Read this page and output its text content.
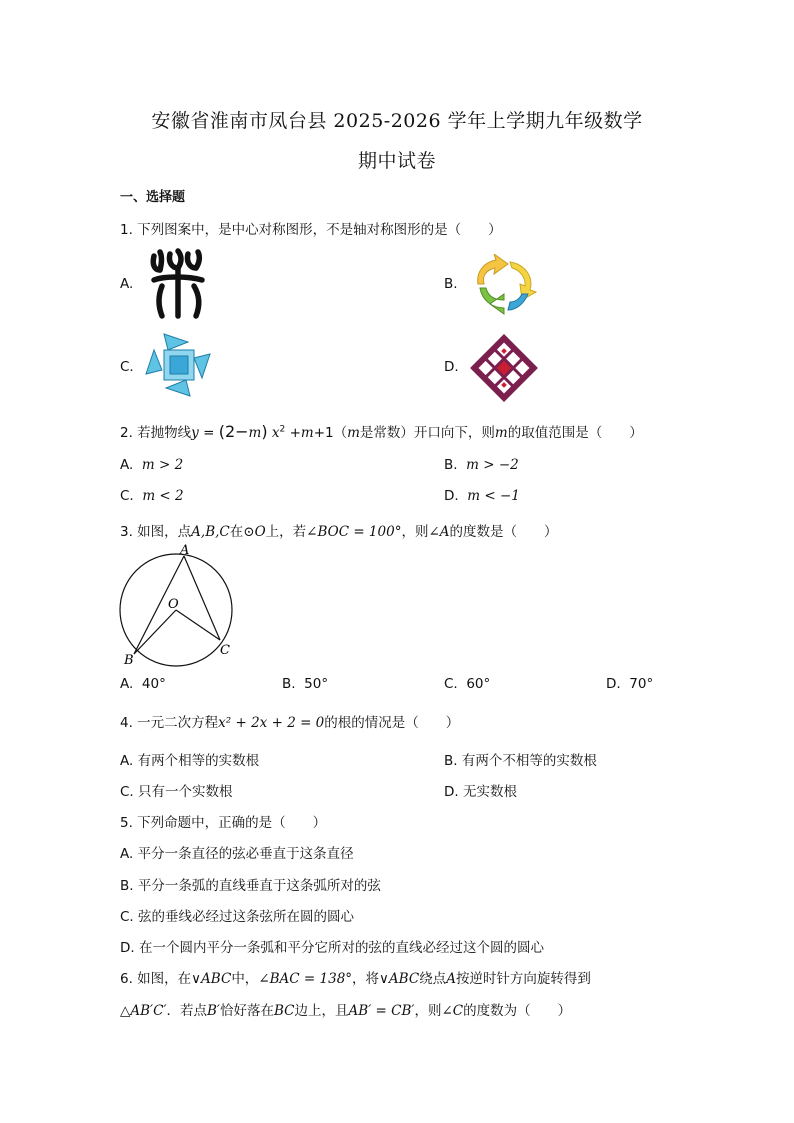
安徽省淮南市凤台县 2025-2026 学年上学期九年级数学
期中试卷
一、选择题
1. 下列图案中，是中心对称图形，不是轴对称图形的是（　　）
A.	B.
C.	D.
2. 若抛物线y = (2−m) $x^2 +m+1(m$是常数）开口向下，则m的取值范围是（　　）
A. m > 2	B. m > −2
C. m < 2	D. m < −1
3. 如图，点A,B,C在⊙O上，若∠BOC = 100°，则∠A的度数是（　　）
A
O
B
C
A. 40°	B. 50°	C. 60°	D. 70°
4. 一元二次方程x² + 2x + 2 = 0的根的情况是（　　）
A. 有两个相等的实数根	B. 有两个不相等的实数根
C. 只有一个实数根	D. 无实数根
5. 下列命题中，正确的是（　　）
A. 平分一条直径的弦必垂直于这条直径
B. 平分一条弧的直线垂直于这条弧所对的弦
C. 弦的垂线必经过这条弦所在圆的圆心
D. 在一个圆内平分一条弧和平分它所对的弦的直线必经过这个圆的圆心
6. 如图，在∨ABC中，∠BAC = 138°，将∨ABC绕点A按逆时针方向旋转得到
△AB′C′．若点B′恰好落在BC边上，且AB′ = CB′，则∠C的度数为（　　）
